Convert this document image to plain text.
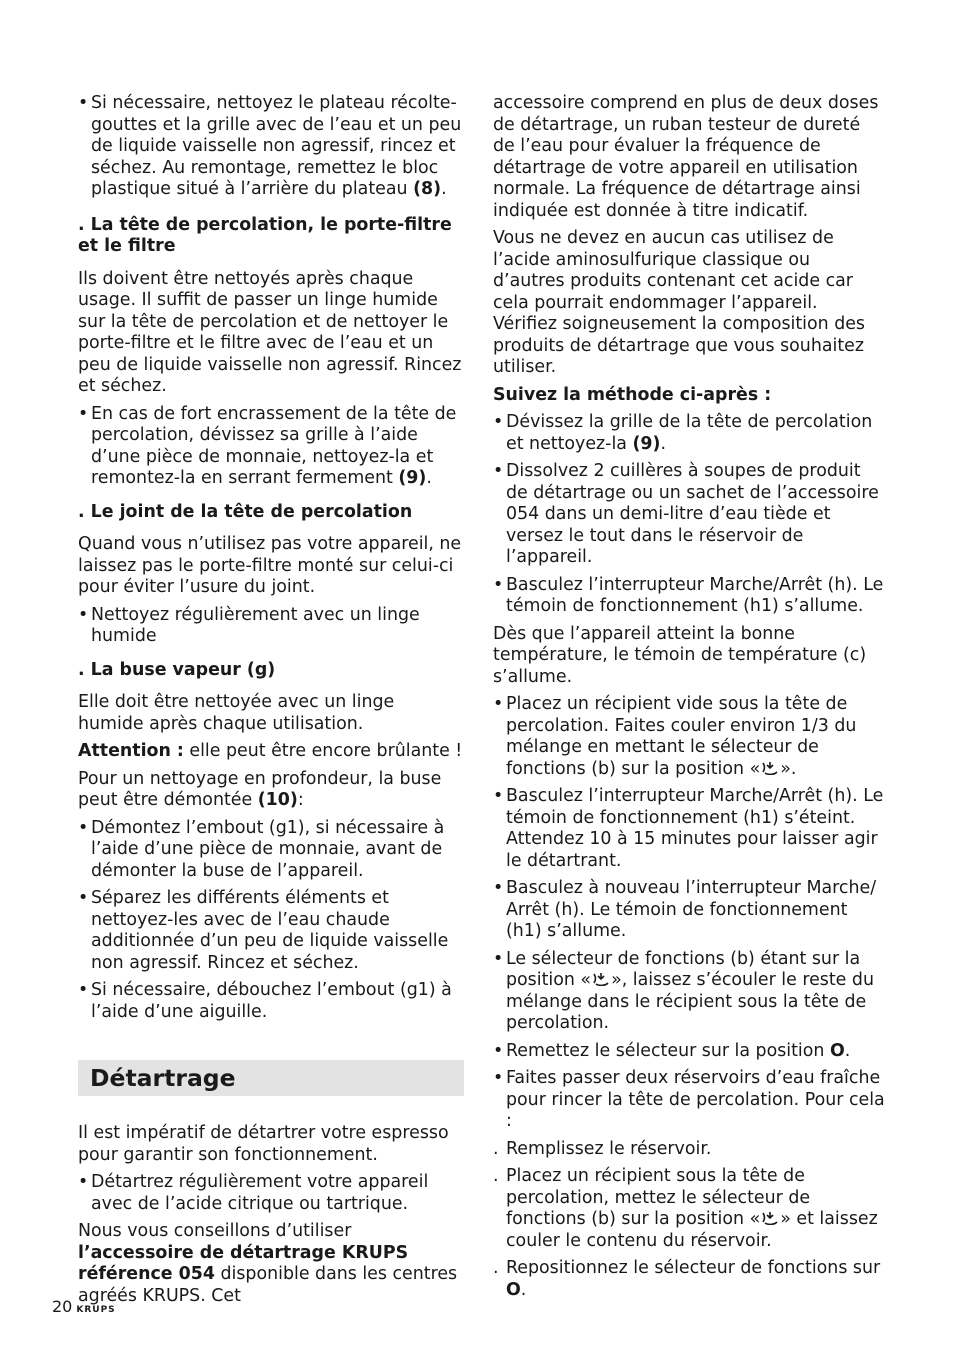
• Si nécessaire, nettoyez le plateau récolte-gouttes et la grille avec de l’eau et un peu de liquide vaisselle non agressif, rincez et séchez. Au remontage, remettez le bloc plastique situé à l’arrière du plateau (8).
. La tête de percolation, le porte-filtre et le filtre

Ils doivent être nettoyés après chaque usage. Il suffit de passer un linge humide sur la tête de percolation et de nettoyer le porte-filtre et le filtre avec de l’eau et un peu de liquide vaisselle non agressif. Rincez et séchez.

• En cas de fort encrassement de la tête de percolation, dévissez sa grille à l’aide d’une pièce de monnaie, nettoyez-la et remontez-la en serrant fermement (9).
. Le joint de la tête de percolation

Quand vous n’utilisez pas votre appareil, ne laissez pas le porte-filtre monté sur celui-ci pour éviter l’usure du joint.

• Nettoyez régulièrement avec un linge humide
. La buse vapeur (g)

Elle doit être nettoyée avec un linge humide après chaque utilisation.

Attention : elle peut être encore brûlante !

Pour un nettoyage en profondeur, la buse peut être démontée (10):

• Démontez l’embout (g1), si nécessaire à l’aide d’une pièce de monnaie, avant de démonter la buse de l’appareil.
• Séparez les différents éléments et nettoyez-les avec de l’eau chaude additionnée d’un peu de liquide vaisselle non agressif. Rincez et séchez.
• Si nécessaire, débouchez l’embout (g1) à l’aide d’une aiguille.
Détartrage

Il est impératif de détartrer votre espresso pour garantir son fonctionnement.

• Détartrez régulièrement votre appareil avec de l’acide citrique ou tartrique.

Nous vous conseillons d’utiliser l’accessoire de détartrage KRUPS référence 054 disponible dans les centres agréés KRUPS. Cet

accessoire comprend en plus de deux doses de détartrage, un ruban testeur de dureté de l’eau pour évaluer la fréquence de détartrage de votre appareil en utilisation normale. La fréquence de détartrage ainsi indiquée est donnée à titre indicatif.

Vous ne devez en aucun cas utilisez de l’acide aminosulfurique classique ou d’autres produits contenant cet acide car cela pourrait endommager l’appareil. Vérifiez soigneusement la composition des produits de détartrage que vous souhaitez utiliser.

Suivez la méthode ci-après :
• Dévissez la grille de la tête de percolation et nettoyez-la (9).
• Dissolvez 2 cuillères à soupes de produit de détartrage ou un sachet de l’accessoire 054 dans un demi-litre d’eau tiède et versez le tout dans le réservoir de l’appareil.
• Basculez l’interrupteur Marche/Arrêt (h). Le témoin de fonctionnement (h1) s’allume.

Dès que l’appareil atteint la bonne température, le témoin de température (c) s’allume.

• Placez un récipient vide sous la tête de percolation. Faites couler environ 1/3 du mélange en mettant le sélecteur de fonctions (b) sur la position « ».
• Basculez l’interrupteur Marche/Arrêt (h). Le témoin de fonctionnement (h1) s’éteint. Attendez 10 à 15 minutes pour laisser agir le détartrant.
• Basculez à nouveau l’interrupteur Marche/ Arrêt (h). Le témoin de fonctionnement (h1) s’allume.
• Le sélecteur de fonctions (b) étant sur la position « », laissez s’écouler le reste du mélange dans le récipient sous la tête de percolation.
• Remettez le sélecteur sur la position O.
• Faites passer deux réservoirs d’eau fraîche pour rincer la tête de percolation. Pour cela :
. Remplissez le réservoir.
. Placez un récipient sous la tête de percolation, mettez le sélecteur de fonctions (b) sur la position « » et laissez couler le contenu du réservoir.
. Repositionnez le sélecteur de fonctions sur O.
20 KRUPS
